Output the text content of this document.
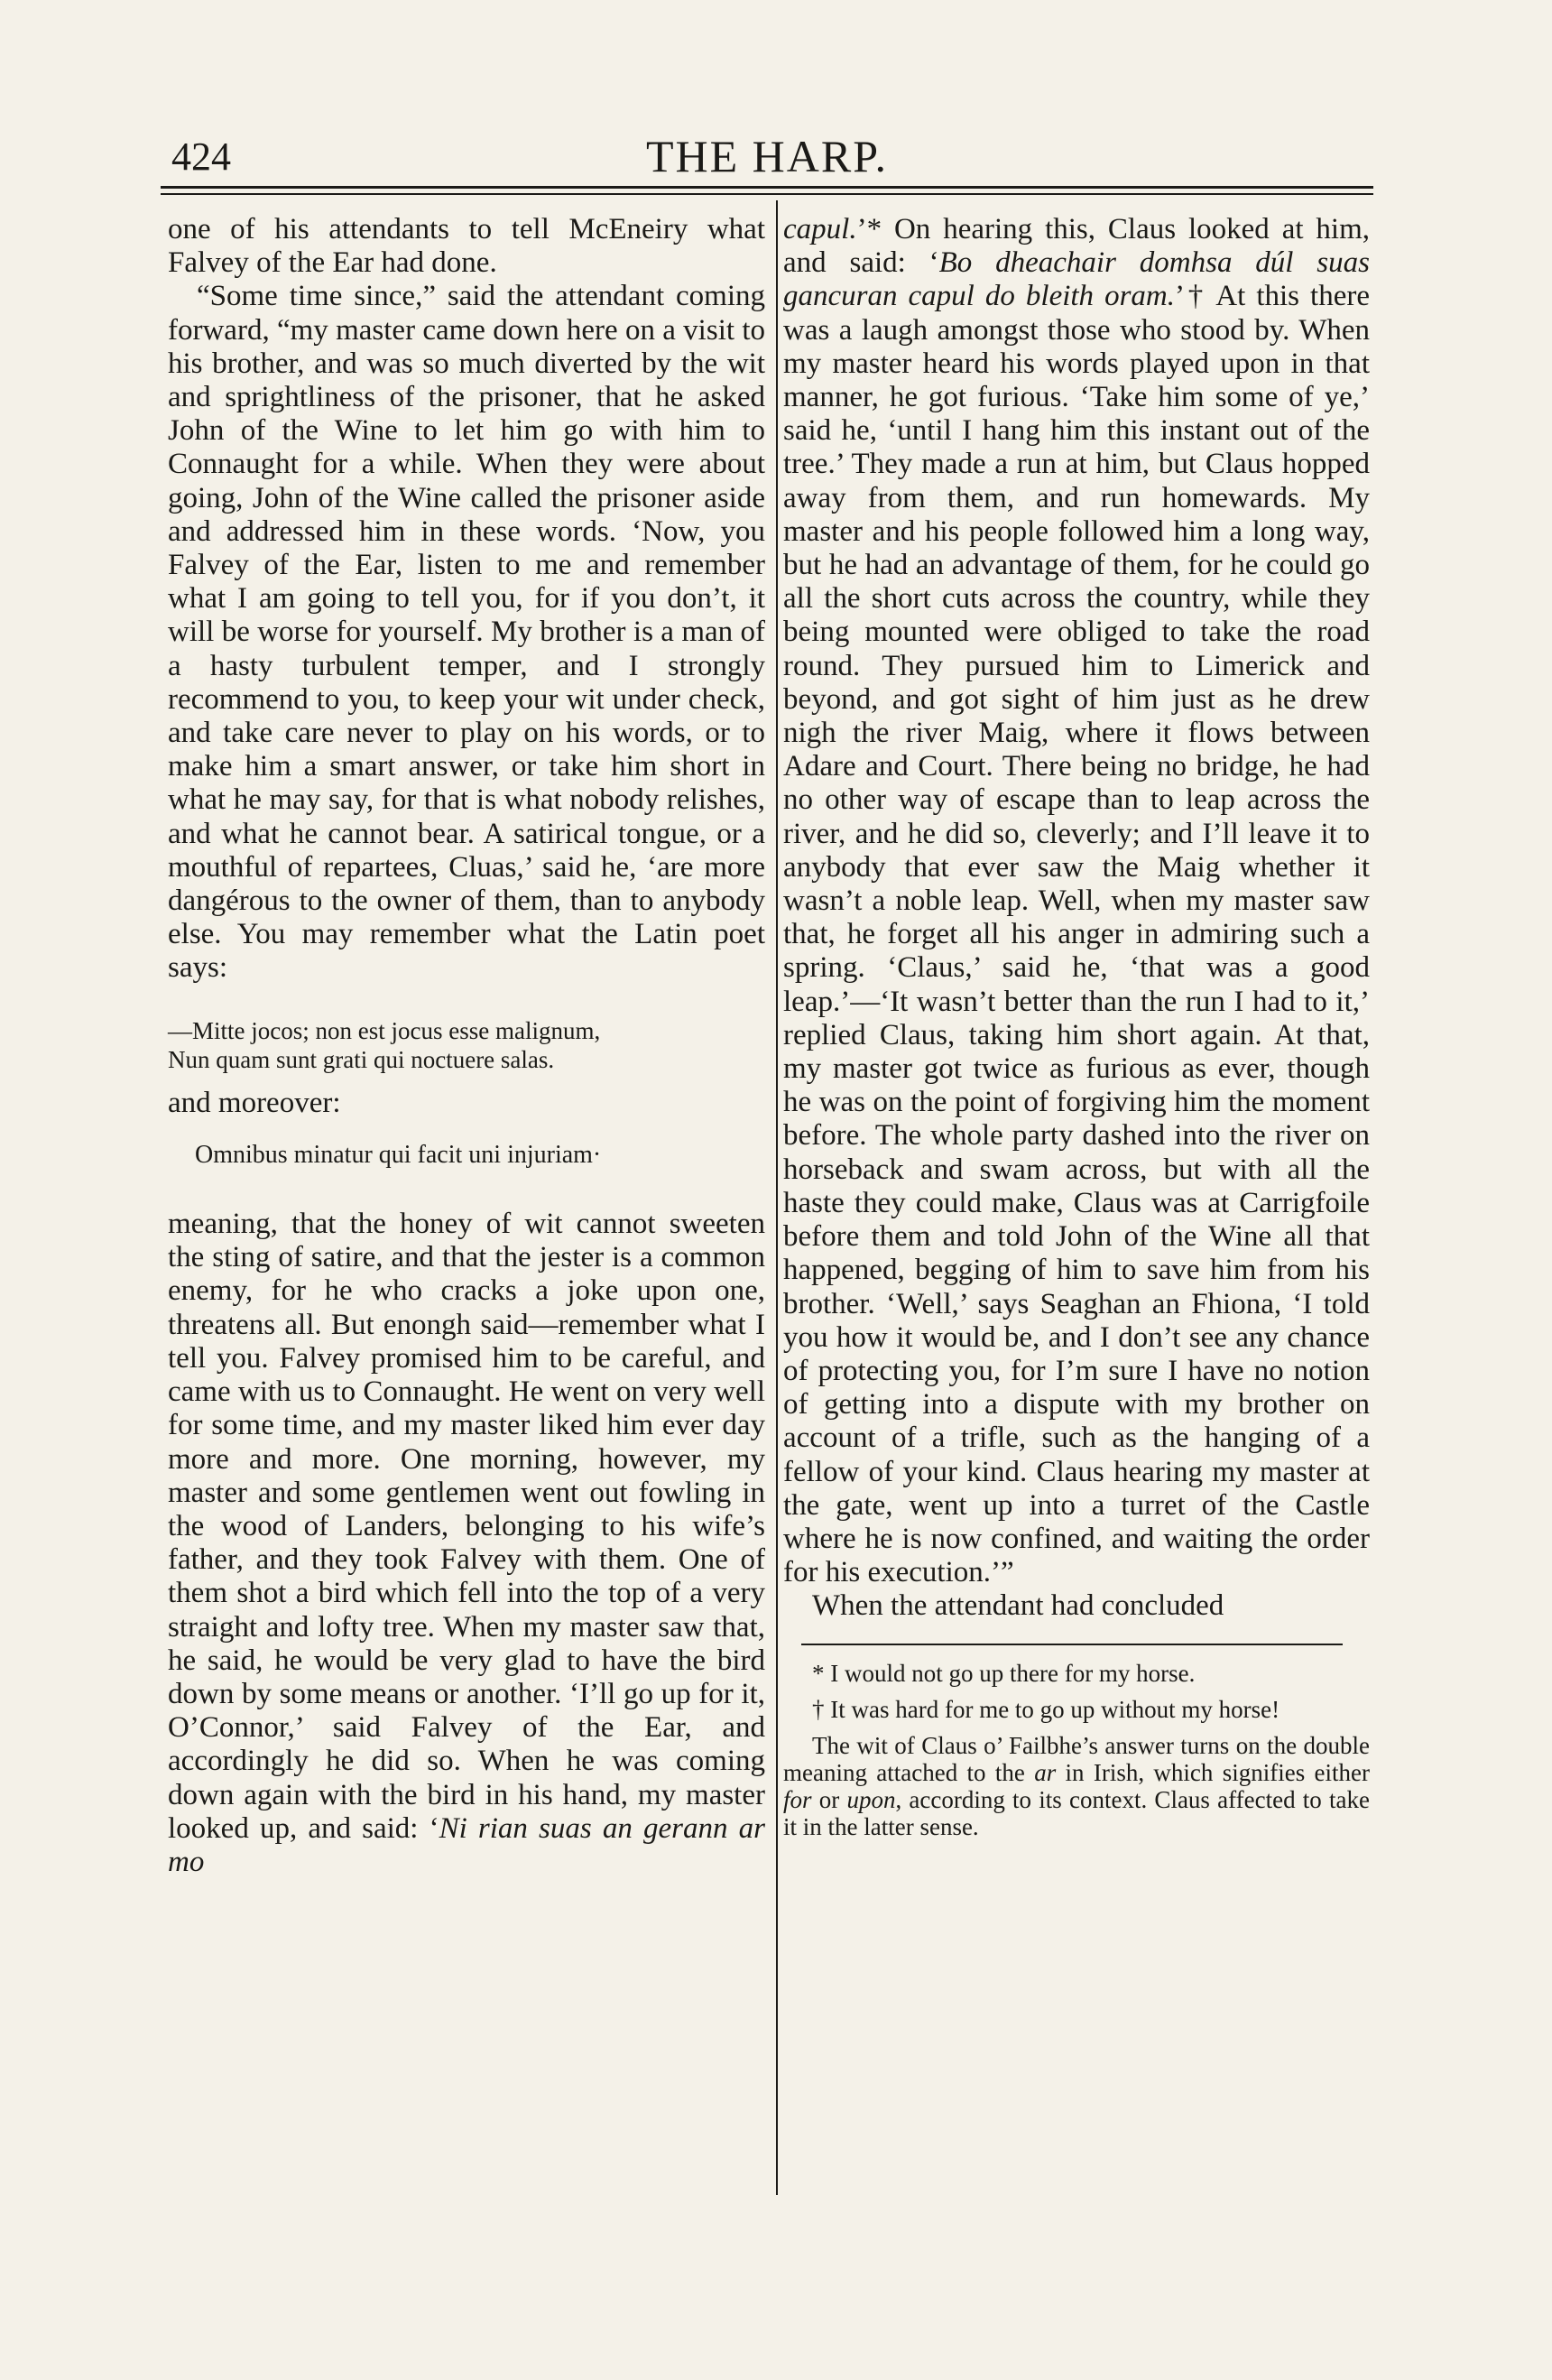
424	THE HARP.

one of his attendants to tell McEneiry what Falvey of the Ear had done.

“Some time since,” said the attendant coming forward, “my master came down here on a visit to his brother, and was so much diverted by the wit and sprightliness of the prisoner, that he asked John of the Wine to let him go with him to Connaught for a while. When they were about going, John of the Wine called the prisoner aside and addressed him in these words. ‘Now, you Falvey of the Ear, listen to me and remember what I am going to tell you, for if you don’t, it will be worse for yourself. My brother is a man of a hasty turbulent temper, and I strongly recommend to you, to keep your wit under check, and take care never to play on his words, or to make him a smart answer, or take him short in what he may say, for that is what nobody relishes, and what he cannot bear. A satirical tongue, or a mouthful of repartees, Cluas,’ said he, ‘are more dangérous to the owner of them, than to anybody else. You may remember what the Latin poet says:

—Mitte jocos; non est jocus esse malignum,
Nun quam sunt grati qui noctuere salas.

and moreover:

Omnibus minatur qui facit uni injuriam·

meaning, that the honey of wit cannot sweeten the sting of satire, and that the jester is a common enemy, for he who cracks a joke upon one, threatens all. But enongh said—remember what I tell you. Falvey promised him to be careful, and came with us to Connaught. He went on very well for some time, and my master liked him ever day more and more. One morning, however, my master and some gentlemen went out fowling in the wood of Landers, belonging to his wife’s father, and they took Falvey with them. One of them shot a bird which fell into the top of a very straight and lofty tree. When my master saw that, he said, he would be very glad to have the bird down by some means or another. ‘I’ll go up for it, O’Connor,’ said Falvey of the Ear, and accordingly he did so. When he was coming down again with the bird in his hand, my master looked up, and said: ‘Ni rian suas an gerann ar mo

capul.’* On hearing this, Claus looked at him, and said: ‘Bo dheachair domhsa dúl suas gancuran capul do bleith oram.’† At this there was a laugh amongst those who stood by. When my master heard his words played upon in that manner, he got furious. ‘Take him some of ye,’ said he, ‘until I hang him this instant out of the tree.’ They made a run at him, but Claus hopped away from them, and run homewards. My master and his people followed him a long way, but he had an advantage of them, for he could go all the short cuts across the country, while they being mounted were obliged to take the road round. They pursued him to Limerick and beyond, and got sight of him just as he drew nigh the river Maig, where it flows between Adare and Court. There being no bridge, he had no other way of escape than to leap across the river, and he did so, cleverly; and I’ll leave it to anybody that ever saw the Maig whether it wasn’t a noble leap. Well, when my master saw that, he forget all his anger in admiring such a spring. ‘Claus,’ said he, ‘that was a good leap.’—‘It wasn’t better than the run I had to it,’ replied Claus, taking him short again. At that, my master got twice as furious as ever, though he was on the point of forgiving him the moment before. The whole party dashed into the river on horseback and swam across, but with all the haste they could make, Claus was at Carrigfoile before them and told John of the Wine all that happened, begging of him to save him from his brother. ‘Well,’ says Seaghan an Fhiona, ‘I told you how it would be, and I don’t see any chance of protecting you, for I’m sure I have no notion of getting into a dispute with my brother on account of a trifle, such as the hanging of a fellow of your kind. Claus hearing my master at the gate, went up into a turret of the Castle where he is now confined, and waiting the order for his execution.’”

When the attendant had concluded

* I would not go up there for my horse.

† It was hard for me to go up without my horse!

The wit of Claus o’ Failbhe’s answer turns on the double meaning attached to the ar in Irish, which signifies either for or upon, according to its context. Claus affected to take it in the latter sense.
